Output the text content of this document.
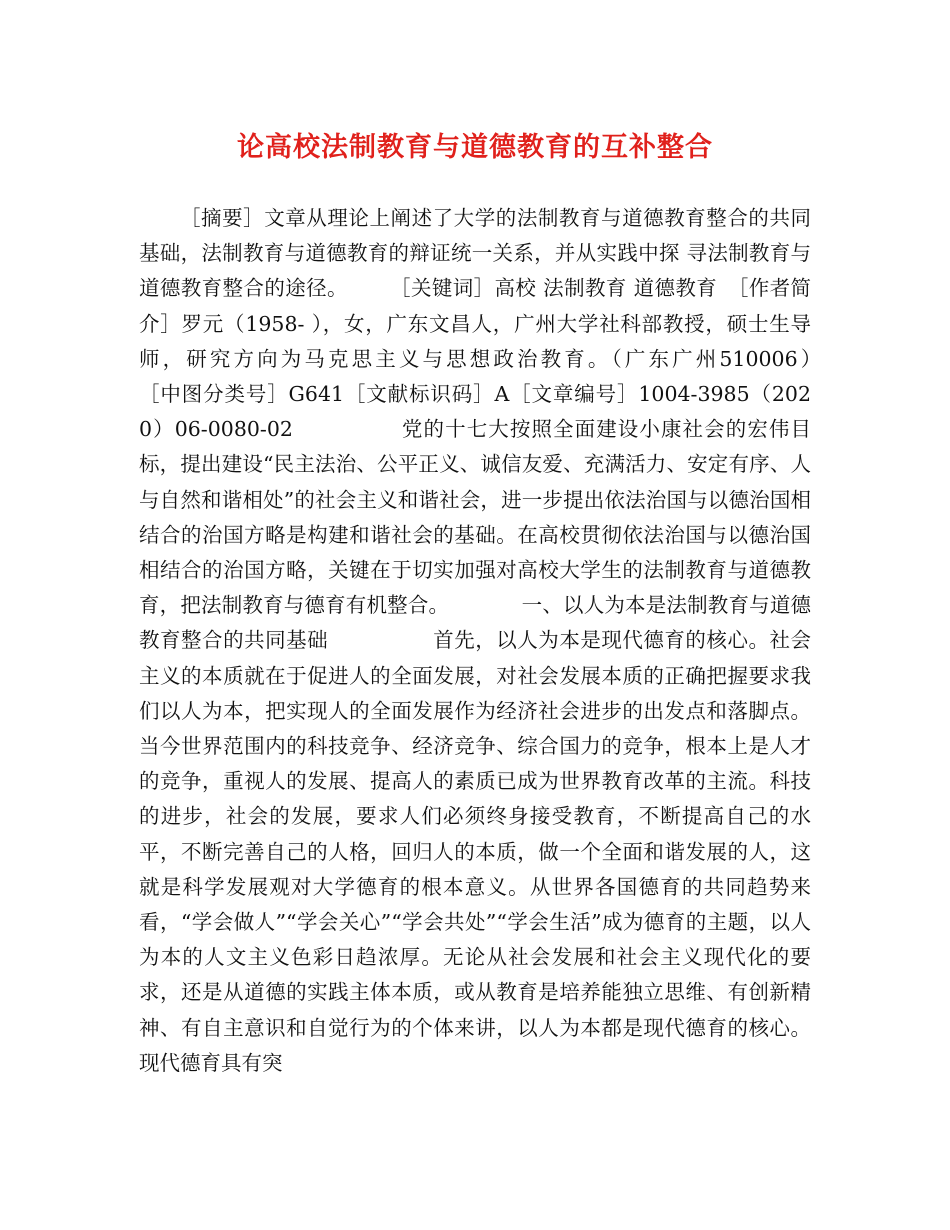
论高校法制教育与道德教育的互补整合

［摘要］文章从理论上阐述了大学的法制教育与道德教育整合的共同基础，法制教育与道德教育的辩证统一关系，并从实践中探 寻法制教育与道德教育整合的途径。　　　［关键词］高校 法制教育 道德教育　［作者简介］罗元（1958- ），女，广东文昌人，广州大学社科部教授，硕士生导师，研究方向为马克思主义与思想政治教育。（广东广州510006）　　　［中图分类号］G641［文献标识码］A［文章编号］1004-3985（2020）06-0080-02　　　　　党的十七大按照全面建设小康社会的宏伟目标，提出建设“民主法治、公平正义、诚信友爱、充满活力、安定有序、人与自然和谐相处”的社会主义和谐社会，进一步提出依法治国与以德治国相结合的治国方略是构建和谐社会的基础。在高校贯彻依法治国与以德治国相结合的治国方略，关键在于切实加强对高校大学生的法制教育与道德教育，把法制教育与德育有机整合。　　　　一、以人为本是法制教育与道德教育整合的共同基础　　　　　首先，以人为本是现代德育的核心。社会主义的本质就在于促进人的全面发展，对社会发展本质的正确把握要求我们以人为本，把实现人的全面发展作为经济社会进步的出发点和落脚点。当今世界范围内的科技竞争、经济竞争、综合国力的竞争，根本上是人才的竞争，重视人的发展、提高人的素质已成为世界教育改革的主流。科技的进步，社会的发展，要求人们必须终身接受教育，不断提高自己的水平，不断完善自己的人格，回归人的本质，做一个全面和谐发展的人，这就是科学发展观对大学德育的根本意义。从世界各国德育的共同趋势来看，“学会做人”“学会关心”“学会共处”“学会生活”成为德育的主题，以人为本的人文主义色彩日趋浓厚。无论从社会发展和社会主义现代化的要求，还是从道德的实践主体本质，或从教育是培养能独立思维、有创新精神、有自主意识和自觉行为的个体来讲，以人为本都是现代德育的核心。现代德育具有突
